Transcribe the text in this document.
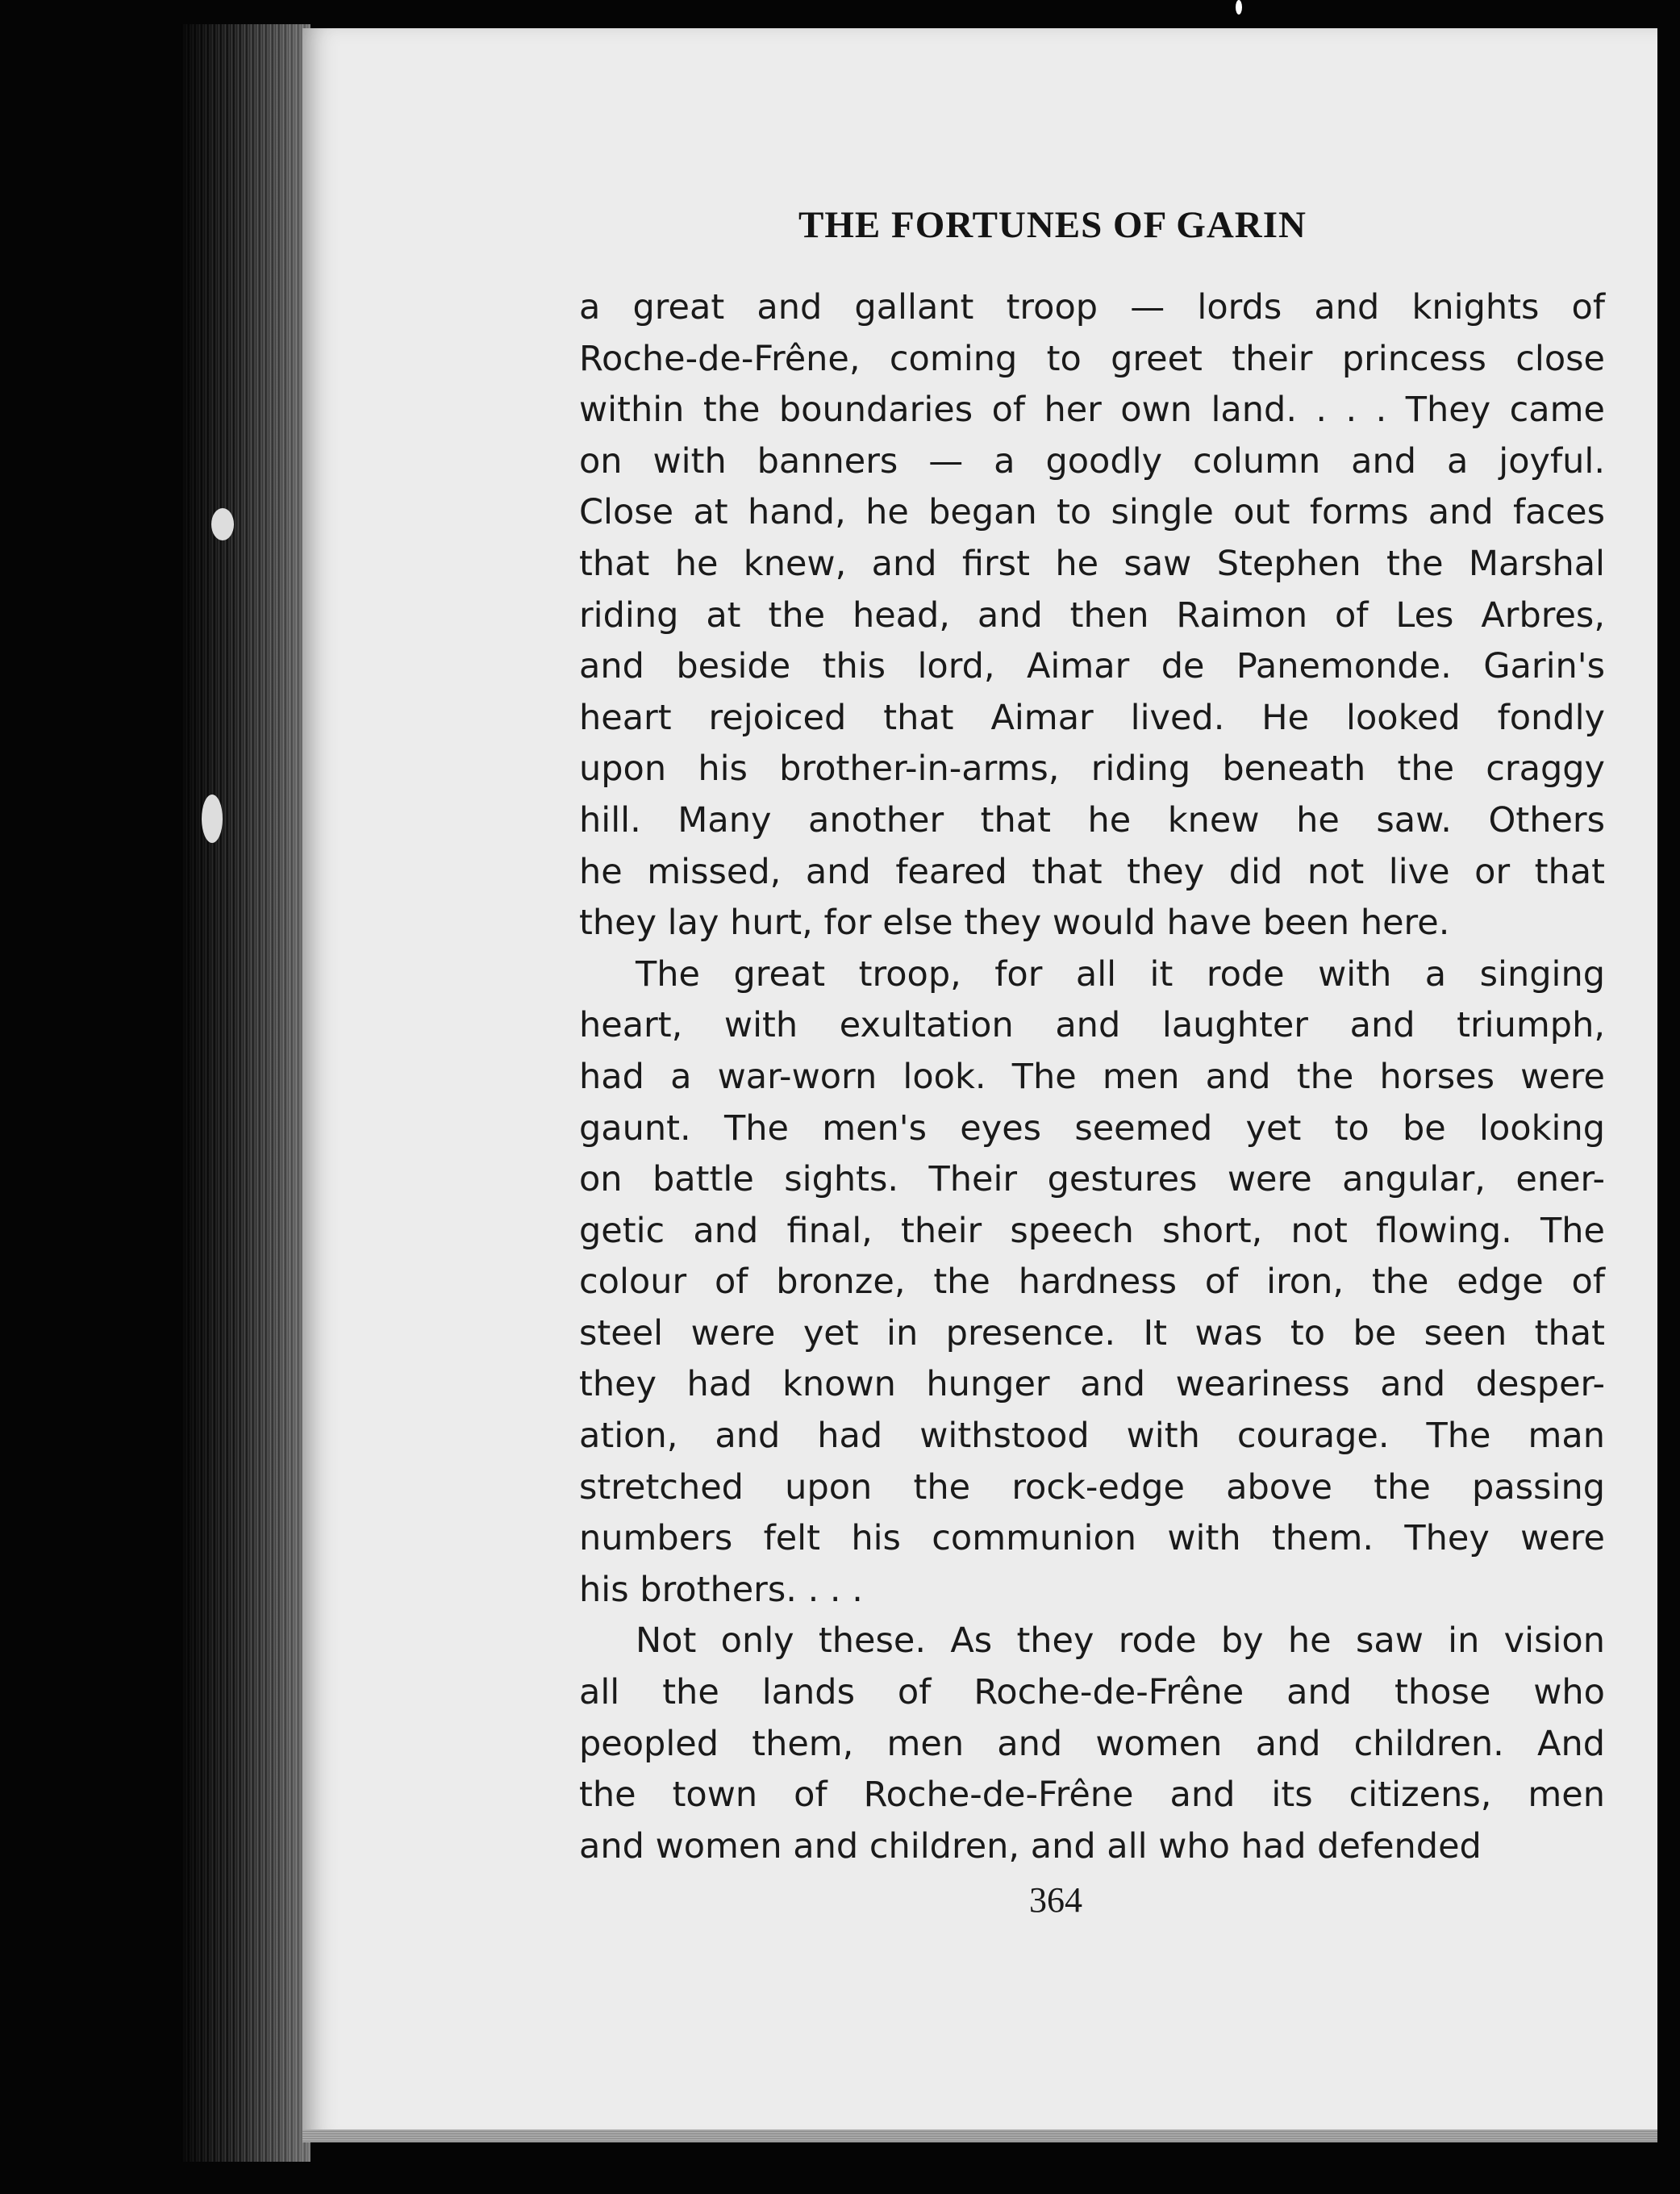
THE FORTUNES OF GARIN
a great and gallant troop — lords and knights of
Roche-de-Frêne, coming to greet their princess close
within the boundaries of her own land. . . . They came
on with banners — a goodly column and a joyful.
Close at hand, he began to single out forms and faces
that he knew, and first he saw Stephen the Marshal
riding at the head, and then Raimon of Les Arbres,
and beside this lord, Aimar de Panemonde. Garin's
heart rejoiced that Aimar lived. He looked fondly
upon his brother-in-arms, riding beneath the craggy
hill. Many another that he knew he saw. Others
he missed, and feared that they did not live or that
they lay hurt, for else they would have been here.
The great troop, for all it rode with a singing
heart, with exultation and laughter and triumph,
had a war-worn look. The men and the horses were
gaunt. The men's eyes seemed yet to be looking
on battle sights. Their gestures were angular, ener-
getic and final, their speech short, not flowing. The
colour of bronze, the hardness of iron, the edge of
steel were yet in presence. It was to be seen that
they had known hunger and weariness and desper-
ation, and had withstood with courage. The man
stretched upon the rock-edge above the passing
numbers felt his communion with them. They were
his brothers. . . .
Not only these. As they rode by he saw in vision
all the lands of Roche-de-Frêne and those who
peopled them, men and women and children. And
the town of Roche-de-Frêne and its citizens, men
and women and children, and all who had defended
364
